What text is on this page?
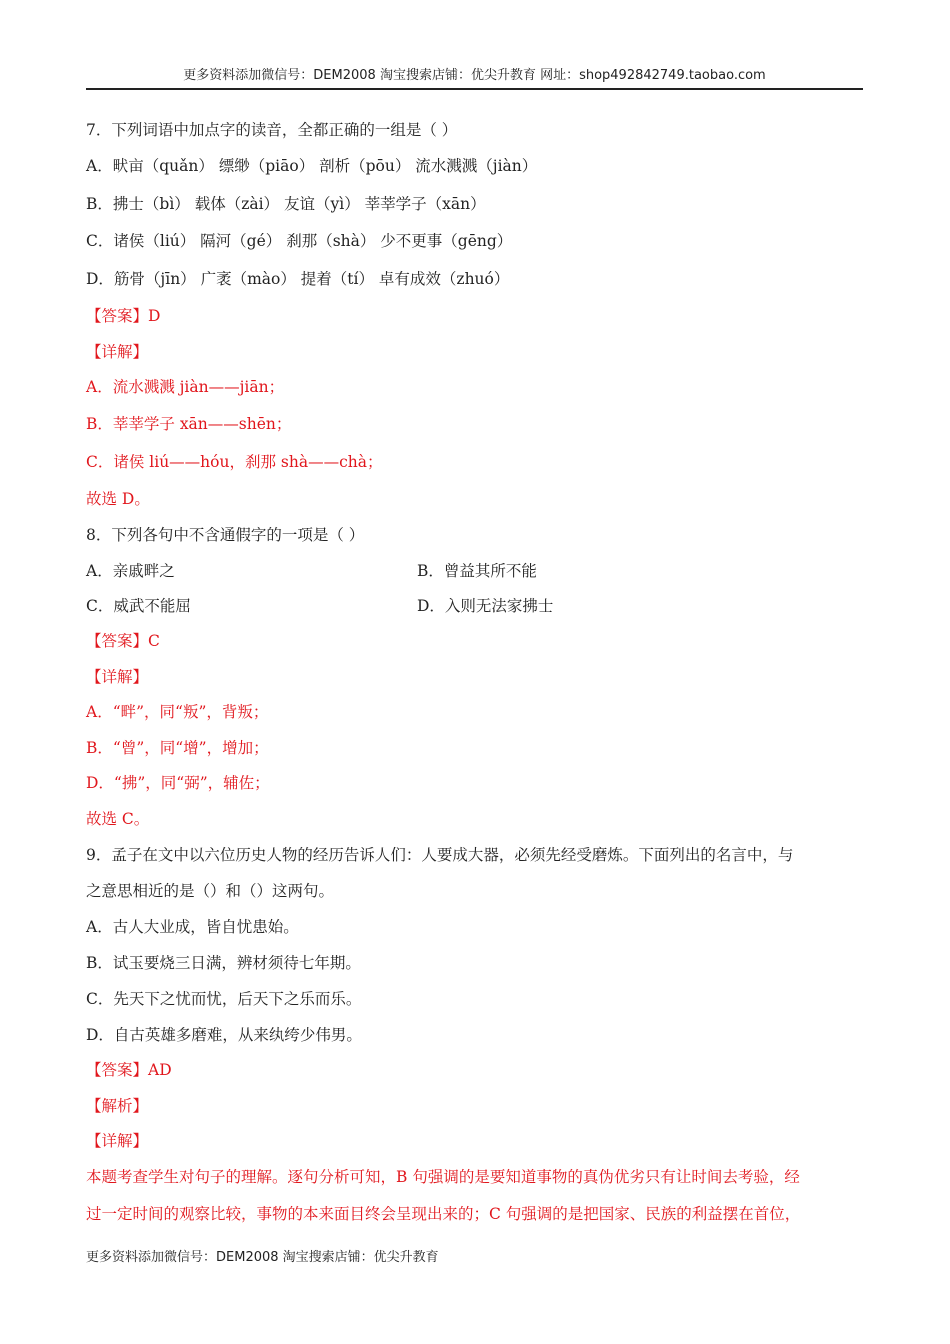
更多资料添加微信号：DEM2008 淘宝搜索店铺：优尖升教育 网址：shop492842749.taobao.com
7．下列词语中加点字的读音，全都正确的一组是（ ）
A．畎亩（quǎn） 缥缈（piāo） 剖析（pōu） 流水溅溅（jiàn）
B．拂士（bì） 载体（zài） 友谊（yì） 莘莘学子（xān）
C．诸侯（liú） 隔河（gé） 刹那（shà） 少不更事（gēng）
D．筋骨（jīn） 广袤（mào） 提着（tí） 卓有成效（zhuó）
【答案】D
【详解】
A．流水溅溅 jiàn——jiān；
B．莘莘学子 xān——shēn；
C．诸侯 liú——hóu，刹那 shà——chà；
故选 D。
8．下列各句中不含通假字的一项是（ ）
A．亲戚畔之	B．曾益其所不能
C．威武不能屈	D．入则无法家拂士
【答案】C
【详解】
A．“畔”，同“叛”，背叛；
B．“曾”，同“增”，增加；
D．“拂”，同“弼”，辅佐；
故选 C。
9．孟子在文中以六位历史人物的经历告诉人们：人要成大器，必须先经受磨炼。下面列出的名言中，与
之意思相近的是（）和（）这两句。
A．古人大业成，皆自忧患始。
B．试玉要烧三日满，辨材须待七年期。
C．先天下之忧而忧，后天下之乐而乐。
D．自古英雄多磨难，从来纨绔少伟男。
【答案】AD
【解析】
【详解】
本题考查学生对句子的理解。逐句分析可知，B 句强调的是要知道事物的真伪优劣只有让时间去考验，经
过一定时间的观察比较，事物的本来面目终会呈现出来的；C 句强调的是把国家、民族的利益摆在首位，
更多资料添加微信号：DEM2008 淘宝搜索店铺：优尖升教育
